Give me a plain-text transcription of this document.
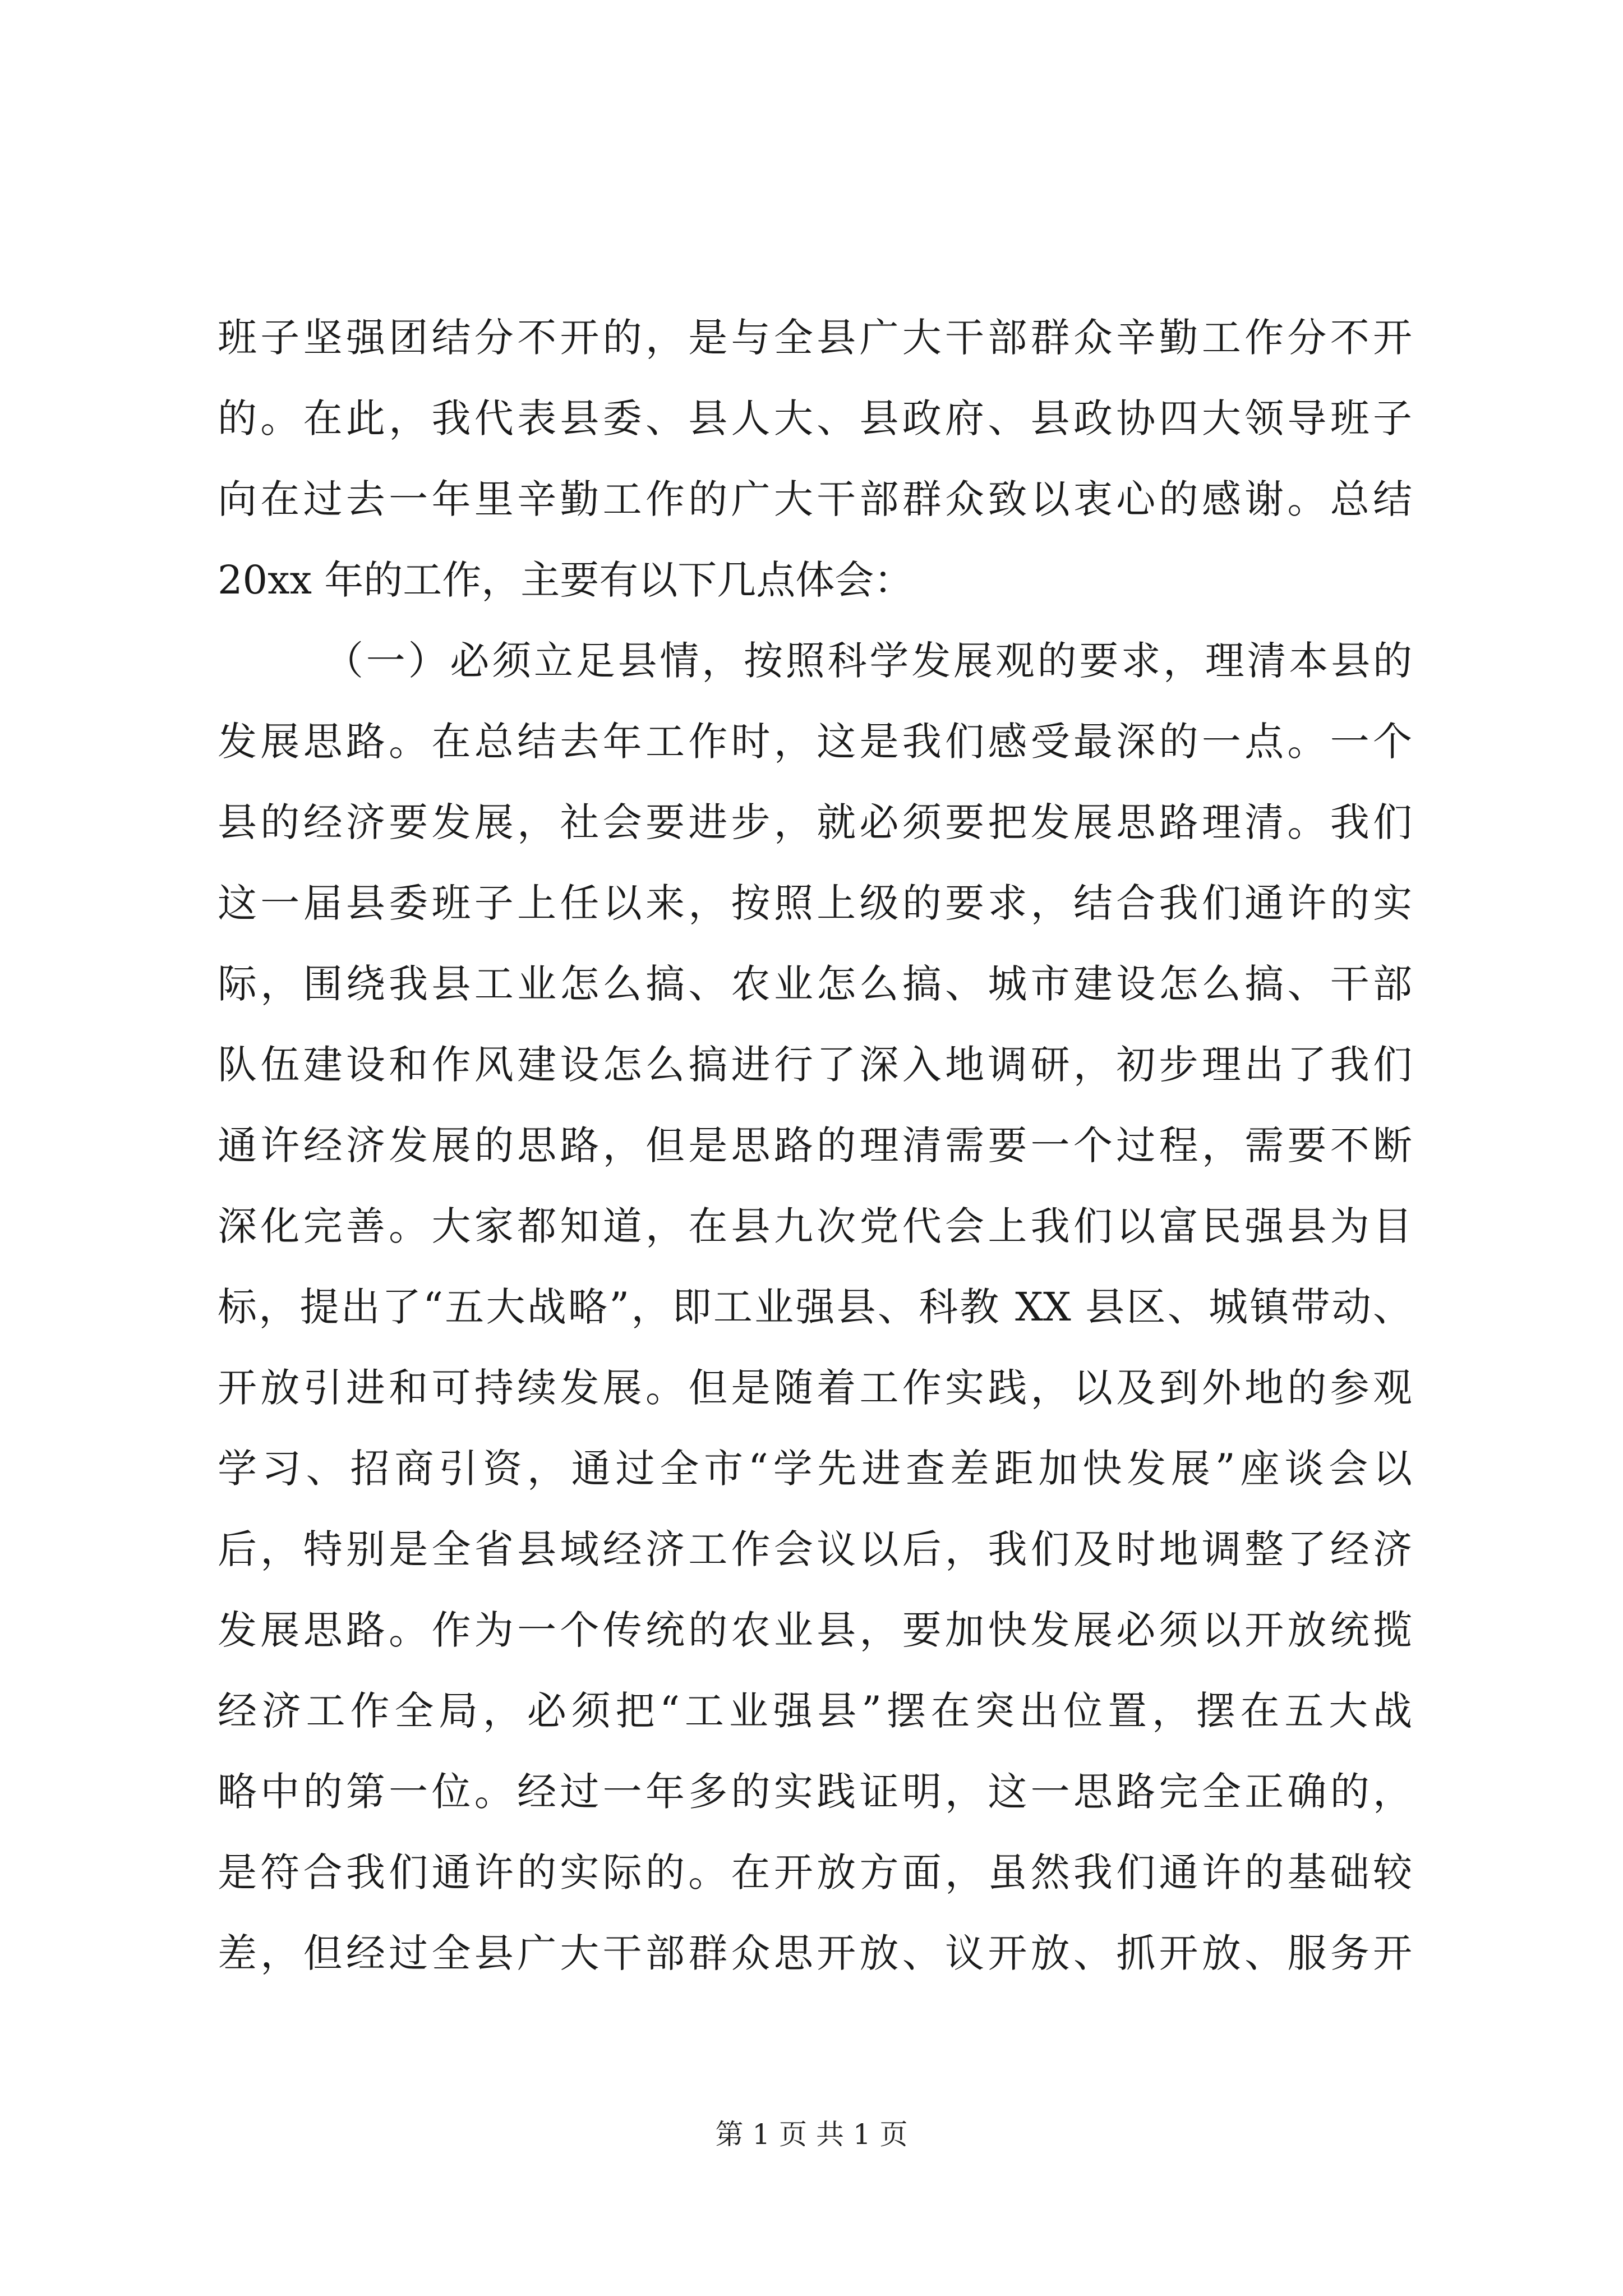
班子坚强团结分不开的，是与全县广大干部群众辛勤工作分不开
的。在此，我代表县委、县人大、县政府、县政协四大领导班子
向在过去一年里辛勤工作的广大干部群众致以衷心的感谢。总结
20xx 年的工作，主要有以下几点体会：
（一）必须立足县情，按照科学发展观的要求，理清本县的
发展思路。在总结去年工作时，这是我们感受最深的一点。一个
县的经济要发展，社会要进步，就必须要把发展思路理清。我们
这一届县委班子上任以来，按照上级的要求，结合我们通许的实
际，围绕我县工业怎么搞、农业怎么搞、城市建设怎么搞、干部
队伍建设和作风建设怎么搞进行了深入地调研，初步理出了我们
通许经济发展的思路，但是思路的理清需要一个过程，需要不断
深化完善。大家都知道，在县九次党代会上我们以富民强县为目
标，提出了“五大战略”，即工业强县、科教 XX 县区、城镇带动、
开放引进和可持续发展。但是随着工作实践，以及到外地的参观
学习、招商引资，通过全市“学先进查差距加快发展”座谈会以
后，特别是全省县域经济工作会议以后，我们及时地调整了经济
发展思路。作为一个传统的农业县，要加快发展必须以开放统揽
经济工作全局，必须把“工业强县”摆在突出位置，摆在五大战
略中的第一位。经过一年多的实践证明，这一思路完全正确的，
是符合我们通许的实际的。在开放方面，虽然我们通许的基础较
差，但经过全县广大干部群众思开放、议开放、抓开放、服务开
第 1 页 共 1 页
